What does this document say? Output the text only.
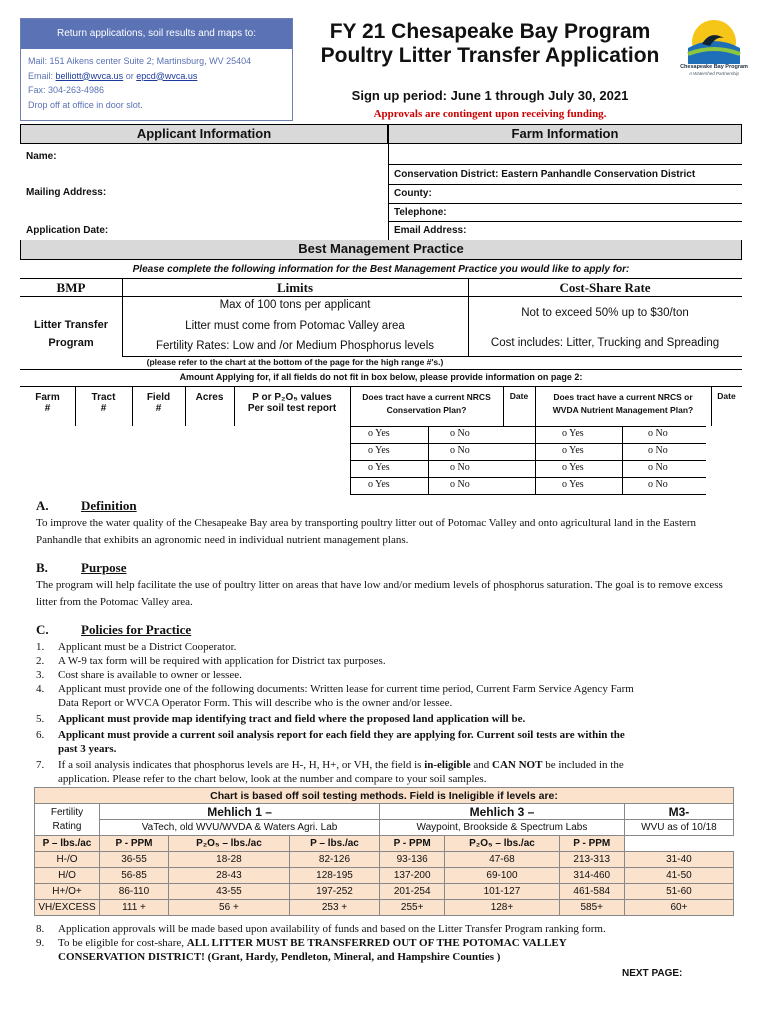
Return applications, soil results and maps to:
Mail: 151 Aikens center Suite 2; Martinsburg, WV 25404
Email: belliott@wvca.us or epcd@wvca.us
Fax: 304-263-4986
Drop off at office in door slot.
FY 21 Chesapeake Bay Program
Poultry Litter Transfer Application
Sign up period: June 1 through July 30, 2021
Approvals are contingent upon receiving funding.
Chesapeake Bay Program
A Watershed Partnership
Applicant Information	Farm Information
Name:
Mailing Address:
Application Date:
Conservation District: Eastern Panhandle Conservation District
County:
Telephone:
Email Address:
Best Management Practice
Please complete the following information for the Best Management Practice you would like to apply for:
BMP	Limits	Cost-Share Rate
Litter Transfer
Program
Max of 100 tons per applicant
Litter must come from Potomac Valley area
Fertility Rates: Low and /or Medium Phosphorus levels
Not to exceed 50% up to $30/ton
Cost includes: Litter, Trucking and Spreading
(please refer to the chart at the bottom of the page for the high range #'s.)
Amount Applying for, if all fields do not fit in box below, please provide information on page 2:
Farm
#
Tract
#
Field
#
Acres	P or P₂O₅ values
Per soil test report
Does tract have a current NRCS
Conservation Plan?
Date	Does tract have a current NRCS or
WVDA Nutrient Management Plan?
Date
o Yes	o No	o Yes	o No
o Yes	o No	o Yes	o No
o Yes	o No	o Yes	o No
o Yes	o No	o Yes	o No
A. Definition
To improve the water quality of the Chesapeake Bay area by transporting poultry litter out of Potomac Valley and onto agricultural land in the Eastern Panhandle that exhibits an agronomic need in individual nutrient management plans.
B.	Purpose
The program will help facilitate the use of poultry litter on areas that have low and/or medium levels of phosphorus saturation. The goal is to remove excess litter from the Potomac Valley area.
C. Policies for Practice
1. Applicant must be a District Cooperator.
2. A W-9 tax form will be required with application for District tax purposes.
3. Cost share is available to owner or lessee.
4. Applicant must provide one of the following documents: Written lease for current time period, Current Farm Service Agency Farm
Data Report or WVCA Operator Form. This will describe who is the owner and/or lessee.
5. Applicant must provide map identifying tract and field where the proposed land application will be.
6. Applicant must provide a current soil analysis report for each field they are applying for. Current soil tests are within the
past 3 years.
7. If a soil analysis indicates that phosphorus levels are H-, H, H+, or VH, the field is in-eligible and CAN NOT be included in the
application. Please refer to the chart below, look at the number and compare to your soil samples.
Chart is based off soil testing methods. Field is Ineligible if levels are:							

Fertility
Rating	Mehlich 1 –			Mehlich 3 –			M3-
	VaTech, old WVU/WVDA & Waters Agri. Lab			Waypoint, Brookside & Spectrum Labs			WVU as of 10/18
P – lbs./ac	P - PPM	P₂O₅ – lbs./ac	P – lbs./ac	P - PPM	P₂O₅ – lbs./ac	P - PPM	
H-/O	36-55	18-28	82-126	93-136	47-68	213-313	31-40
H/O	56-85	28-43	128-195	137-200	69-100	314-460	41-50
H+/O+	86-110	43-55	197-252	201-254	101-127	461-584	51-60
VH/EXCESS	111 +	56 +	253 +	255+	128+	585+	60+
8. Application approvals will be made based upon availability of funds and based on the Litter Transfer Program ranking form.
9. To be eligible for cost-share, ALL LITTER MUST BE TRANSFERRED OUT OF THE POTOMAC VALLEY
CONSERVATION DISTRICT! (Grant, Hardy, Pendleton, Mineral, and Hampshire Counties )
NEXT PAGE:
